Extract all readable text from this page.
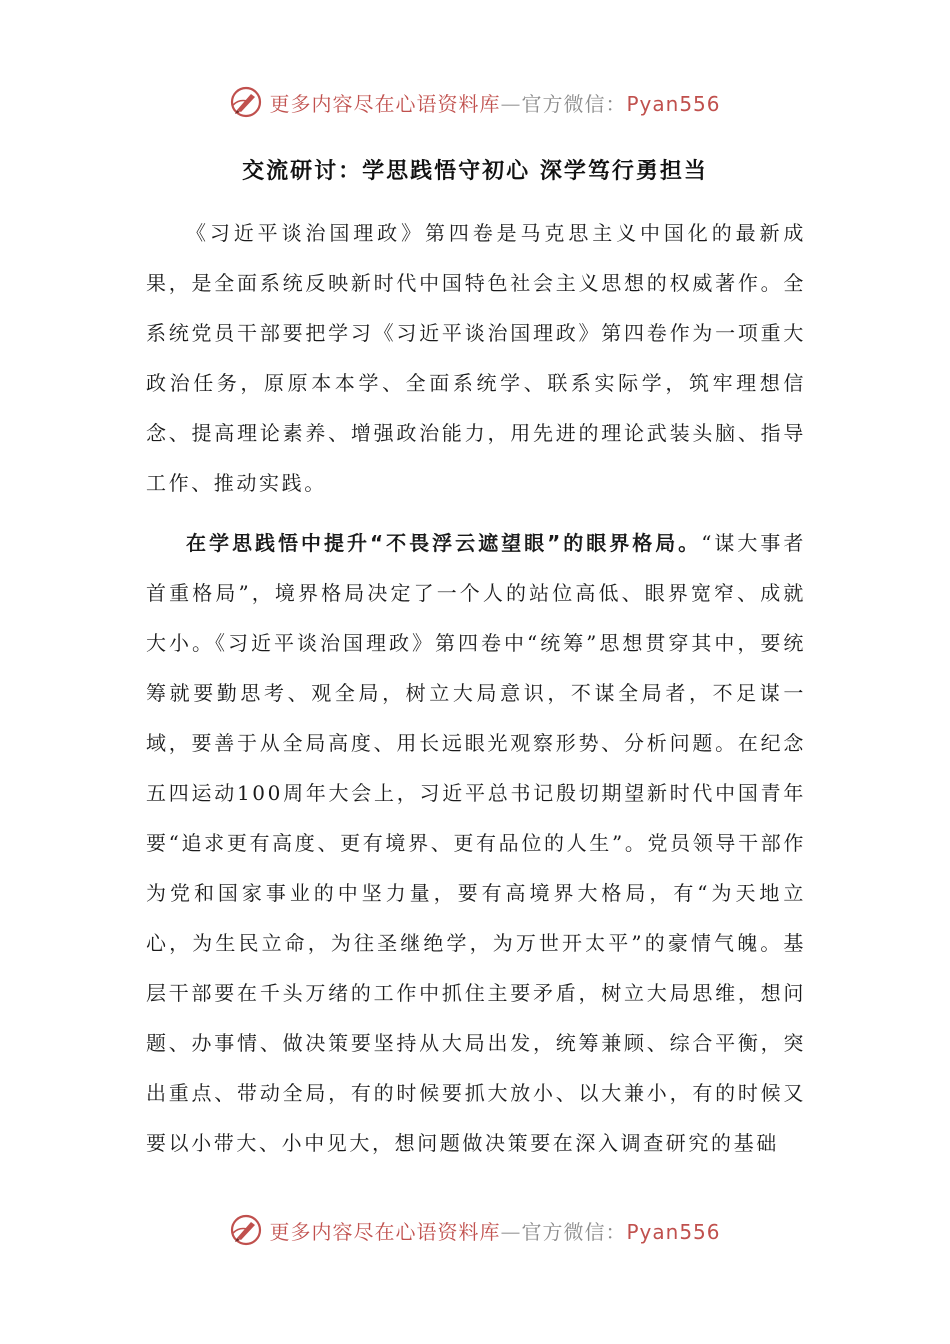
更多内容尽在心语资料库—官方微信：Pyan556
交流研讨：学思践悟守初心 深学笃行勇担当

《习近平谈治国理政》第四卷是马克思主义中国化的最新成果，是全面系统反映新时代中国特色社会主义思想的权威著作。全系统党员干部要把学习《习近平谈治国理政》第四卷作为一项重大政治任务，原原本本学、全面系统学、联系实际学，筑牢理想信念、提高理论素养、增强政治能力，用先进的理论武装头脑、指导工作、推动实践。

在学思践悟中提升“不畏浮云遮望眼”的眼界格局。“谋大事者首重格局”，境界格局决定了一个人的站位高低、眼界宽窄、成就大小。《习近平谈治国理政》第四卷中“统筹”思想贯穿其中，要统筹就要勤思考、观全局，树立大局意识，不谋全局者，不足谋一域，要善于从全局高度、用长远眼光观察形势、分析问题。在纪念五四运动100周年大会上，习近平总书记殷切期望新时代中国青年要“追求更有高度、更有境界、更有品位的人生”。党员领导干部作为党和国家事业的中坚力量，要有高境界大格局，有“为天地立心，为生民立命，为往圣继绝学，为万世开太平”的豪情气魄。基层干部要在千头万绪的工作中抓住主要矛盾，树立大局思维，想问题、办事情、做决策要坚持从大局出发，统筹兼顾、综合平衡，突出重点、带动全局，有的时候要抓大放小、以大兼小，有的时候又要以小带大、小中见大，想问题做决策要在深入调查研究的基础

更多内容尽在心语资料库—官方微信：Pyan556
